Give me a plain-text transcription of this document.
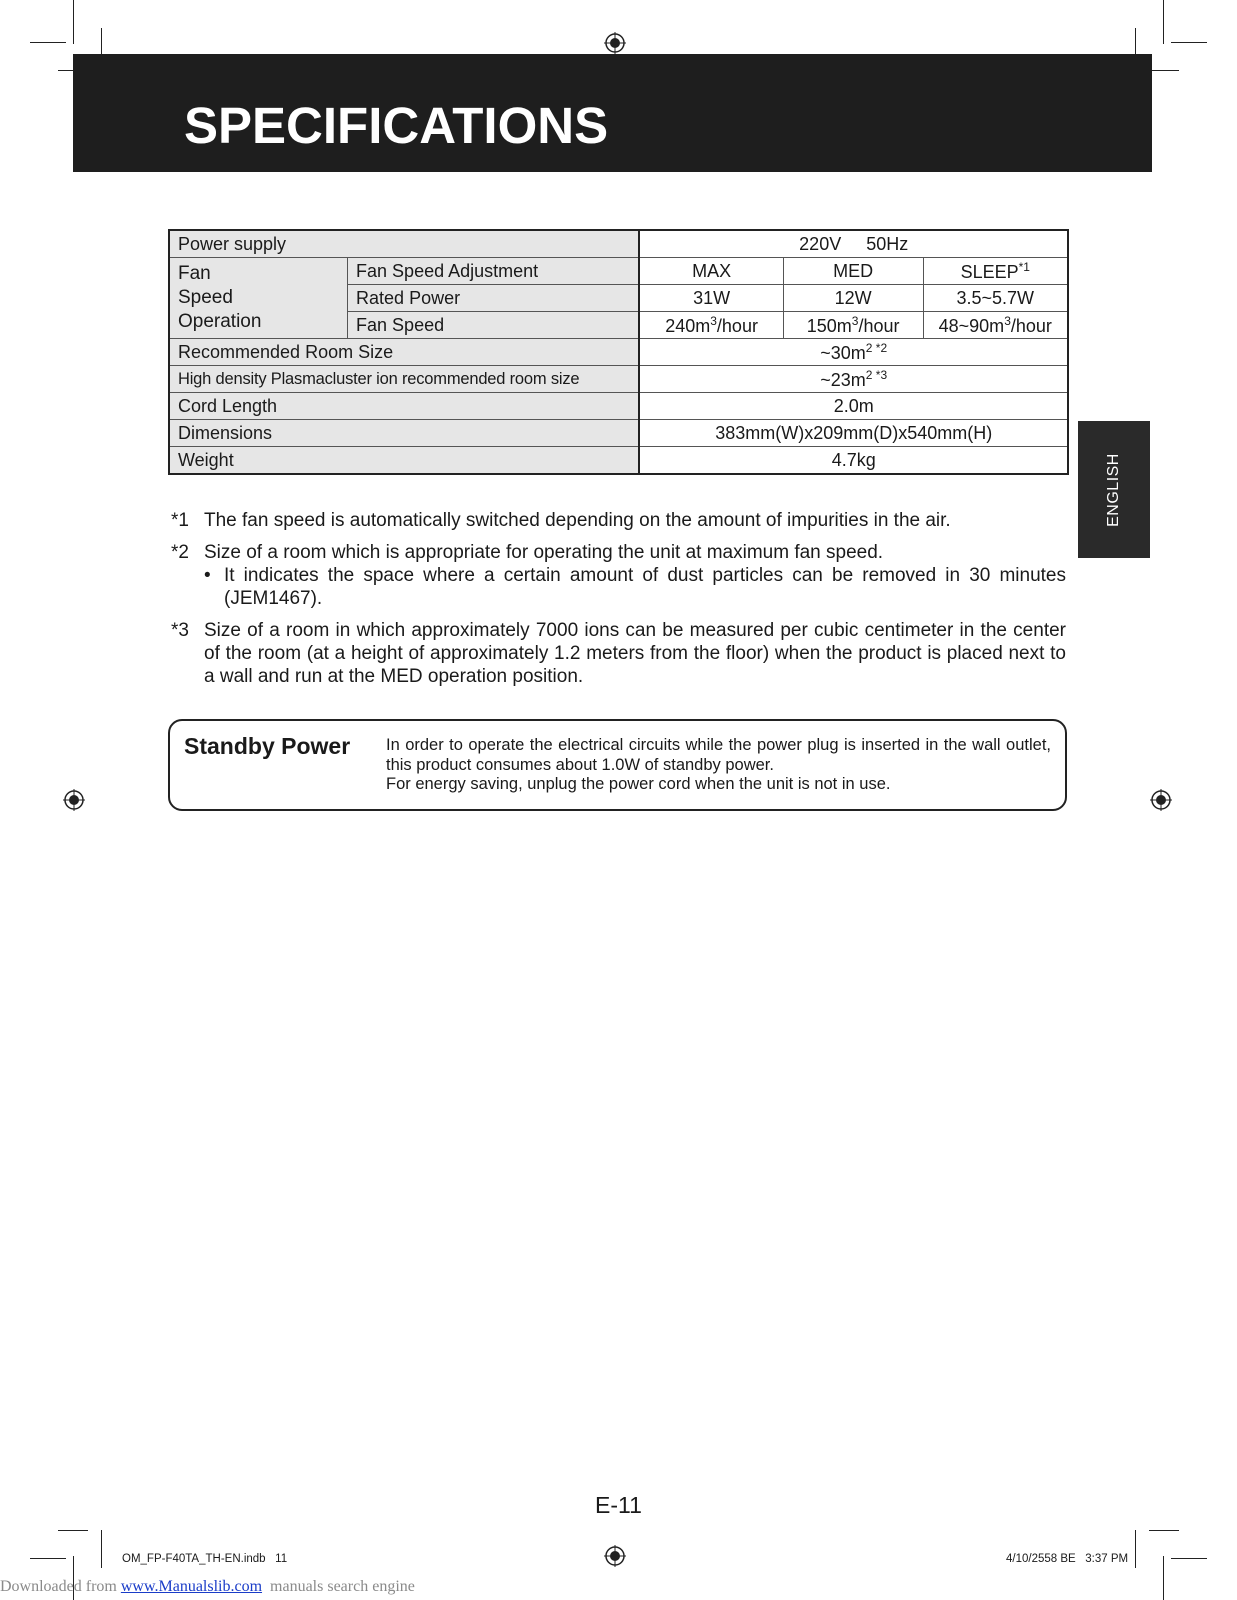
SPECIFICATIONS
ENGLISH
Power supply		220V     50Hz		

Fan
Speed
Operation	Fan Speed Adjustment	MAX	MED	SLEEP$^{*1}$
	Rated Power	31W	12W	3.5~5.7W
	Fan Speed	$240m^3$/hour	$150m^3$/hour	$48\sim 90m^3$/hour
Recommended Room Size		$\sim 30m^{2 *2}$
High density Plasmacluster ion recommended room size		$\sim 23m^{2 *3}$
Cord Length		2.0m		
Dimensions		383mm(W)x209mm(D)x540mm(H)		
Weight		4.7kg		
*1 The fan speed is automatically switched depending on the amount of impurities in the air.
*2 Size of a room which is appropriate for operating the unit at maximum fan speed.
• It indicates the space where a certain amount of dust particles can be removed in 30 minutes (JEM1467).
*3 Size of a room in which approximately 7000 ions can be measured per cubic centimeter in the center of the room (at a height of approximately 1.2 meters from the floor) when the product is placed next to a wall and run at the MED operation position.
Standby Power In order to operate the electrical circuits while the power plug is inserted in the wall outlet, this product consumes about 1.0W of standby power.
For energy saving, unplug the power cord when the unit is not in use.
E-11
OM_FP-F40TA_TH-EN.indb   11	4/10/2558 BE   3:37 PM
Downloaded from www.Manualslib.com  manuals search engine
